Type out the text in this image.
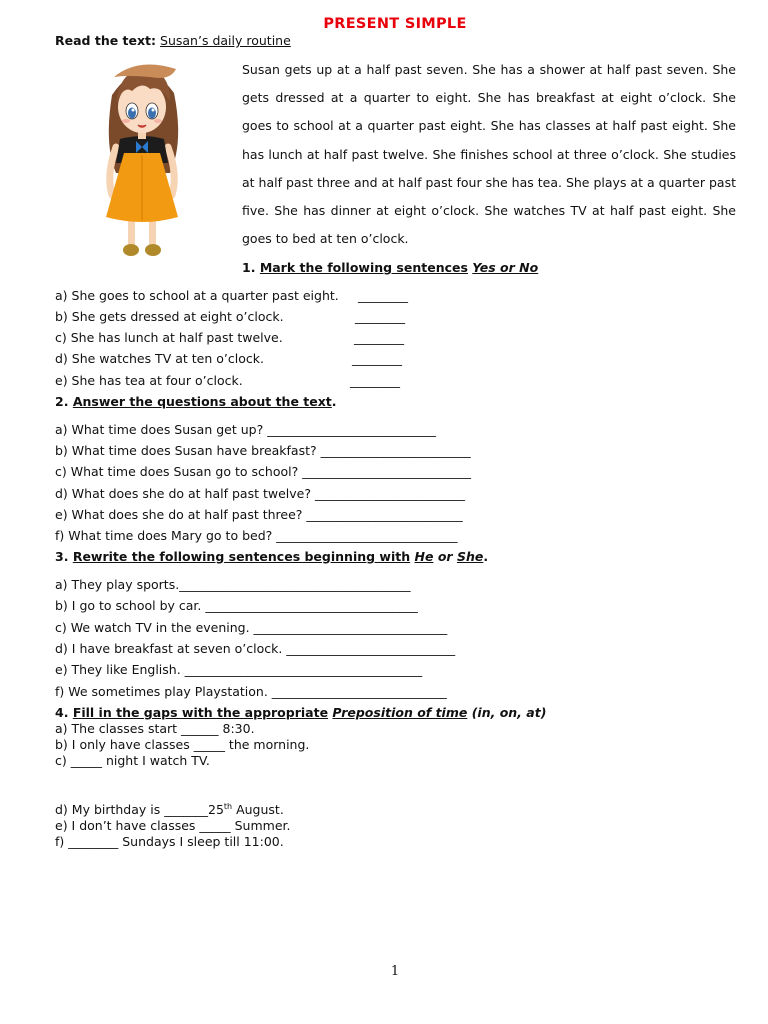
PRESENT SIMPLE
Read the text: Susan’s daily routine
Susan gets up at a half past seven. She has a shower at half past seven. She gets dressed at a quarter to eight. She has breakfast at eight o’clock. She goes to school at a quarter past eight. She has classes at half past eight. She has lunch at half past twelve. She finishes school at three o’clock. She studies at half past three and at half past four she has tea. She plays at a quarter past five. She has dinner at eight o’clock. She watches TV at half past eight. She goes to bed at ten o’clock.
1. Mark the following sentences Yes or No
a) She goes to school at a quarter past eight. ________
b) She gets dressed at eight o’clock.	________
c) She has lunch at half past twelve.	________
d) She watches TV at ten o’clock.	________
e) She has tea at four o’clock.	________
2. Answer the questions about the text.
a) What time does Susan get up? ___________________________
b) What time does Susan have breakfast? ________________________
c) What time does Susan go to school? ___________________________
d) What does she do at half past twelve? ________________________
e) What does she do at half past three? _________________________
f) What time does Mary go to bed? _____________________________
3. Rewrite the following sentences beginning with He or She.
a) They play sports._____________________________________
b) I go to school by car. __________________________________
c) We watch TV in the evening. _______________________________
d) I have breakfast at seven o’clock. ___________________________
e) They like English. ______________________________________
f) We sometimes play Playstation. ____________________________
4. Fill in the gaps with the appropriate Preposition of time (in, on, at)
a) The classes start ______ 8:30.
b) I only have classes _____ the morning.
c) _____ night I watch TV.
d) My birthday is _______25th August.
e) I don’t have classes _____ Summer.
f) ________ Sundays I sleep till 11:00.
1
